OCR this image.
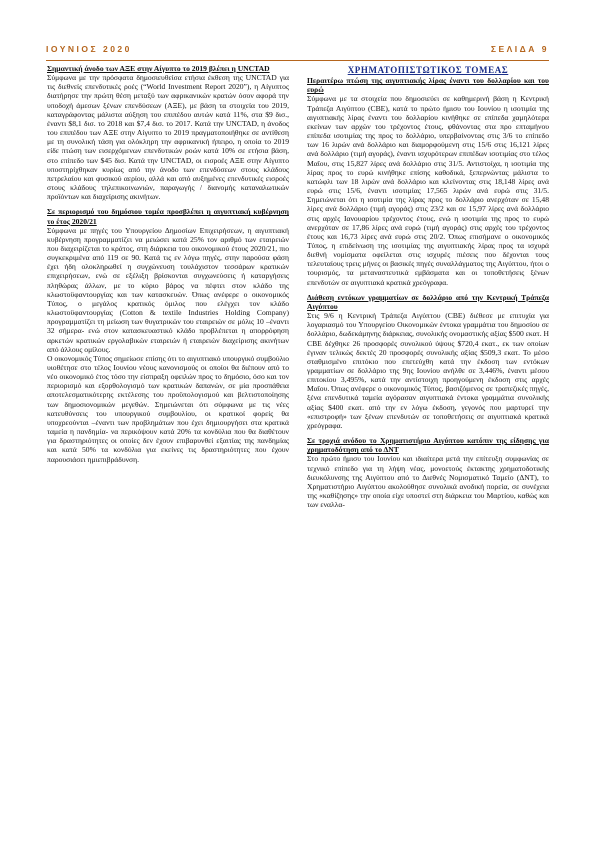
ΙΟΥΝΙΟΣ 2020	ΣΕΛΙΔΑ 9
Σημαντική άνοδο των ΑΞΕ στην Αίγυπτο το 2019 βλέπει η UNCTAD

Σύμφωνα με την πρόσφατα δημοσιευθείσα ετήσια έκθεση της UNCTAD για τις διεθνείς επενδυτικές ροές (“World Investment Report 2020”), η Αίγυπτος διατήρησε την πρώτη θέση μεταξύ των αφρικανικών κρατών όσον αφορά την υποδοχή άμεσων ξένων επενδύσεων (ΑΞΕ), με βάση τα στοιχεία του 2019, καταγράφοντας μάλιστα αύξηση του επιπέδου αυτών κατά 11%, στα $9 δισ., έναντι $8,1 δισ. το 2018 και $7,4 δισ. το 2017. Κατά την UNCTAD, η άνοδος του επιπέδου των ΑΞΕ στην Αίγυπτο το 2019 πραγματοποιήθηκε σε αντίθεση με τη συνολική τάση για ολόκληρη την αφρικανική ήπειρο, η οποία το 2019 είδε πτώση των εισερχόμενων επενδυτικών ροών κατά 10% σε ετήσια βάση, στο επίπεδο των $45 δισ. Κατά την UNCTAD, οι εισροές ΑΞΕ στην Αίγυπτο υποστηρίχθηκαν κυρίως από την άνοδο των επενδύσεων στους κλάδους πετρελαίου και φυσικού αερίου, αλλά και από αυξημένες επενδυτικές εισροές στους κλάδους τηλεπικοινωνιών, παραγωγής / διανομής καταναλωτικών προϊόντων και διαχείρισης ακινήτων.

Σε περιορισμό του δημόσιου τομέα προσβλέπει η αιγυπτιακή κυβέρνηση το έτος 2020/21

Σύμφωνα με πηγές του Υπουργείου Δημοσίων Επιχειρήσεων, η αιγυπτιακή κυβέρνηση προγραμματίζει να μειώσει κατά 25% τον αριθμό των εταιρειών που διαχειρίζεται το κράτος, στη διάρκεια του οικονομικού έτους 2020/21, πιο συγκεκριμένα από 119 σε 90. Κατά τις εν λόγω πηγές, στην παρούσα φάση έχει ήδη ολοκληρωθεί η συγχώνευση τουλάχιστον τεσσάρων κρατικών επιχειρήσεων, ενώ σε εξέλιξη βρίσκονται συγχωνεύσεις ή καταργήσεις πληθώρας άλλων, με το κύριο βάρος να πέφτει στον κλάδο της κλωστοϋφαντουργίας και των κατασκευών. Όπως ανέφερε ο οικονομικός Τύπος, ο μεγάλος κρατικός όμιλος που ελέγχει τον κλάδο κλωστοϋφαντουργίας (Cotton & textile Industries Holding Company) προγραμματίζει τη μείωση των θυγατρικών του εταιρειών σε μόλις 10 –έναντι 32 σήμερα- ενώ στον κατασκευαστικό κλάδο προβλέπεται η απορρόφηση αρκετών κρατικών εργολαβικών εταιρειών ή εταιρειών διαχείρισης ακινήτων από άλλους ομίλους.

Ο οικονομικός Τύπος σημείωσε επίσης ότι το αιγυπτιακό υπουργικό συμβούλιο υιοθέτησε στο τέλος Ιουνίου νέους κανονισμούς οι οποίοι θα διέπουν από το νέο οικονομικό έτος τόσο την είσπραξη οφειλών προς το δημόσιο, όσο και τον περιορισμό και εξορθολογισμό των κρατικών δαπανών, σε μία προσπάθεια αποτελεσματικότερης εκτέλεσης του προϋπολογισμού και βελτιστοποίησης των δημοσιονομικών μεγεθών. Σημειώνεται ότι σύμφωνα με τις νέες κατευθύνσεις του υπουργικού συμβουλίου, οι κρατικοί φορείς θα υποχρεούνται –έναντι των προβλημάτων που έχει δημιουργήσει στα κρατικά ταμεία η πανδημία- να περικόψουν κατά 20% τα κονδύλια που θα διαθέτουν για δραστηριότητες οι οποίες δεν έχουν επιβαρυνθεί εξαιτίας της πανδημίας και κατά 50% τα κονδύλια για εκείνες τις δραστηριότητες που έχουν παρουσιάσει ημιεπιβράδυνση.

ΧΡΗΜΑΤΟΠΙΣΤΩΤΙΚΟΣ ΤΟΜΕΑΣ
Περαιτέρω πτώση της αιγυπτιακής λίρας έναντι του δολλαρίου και του ευρώ

Σύμφωνα με τα στοιχεία που δημοσιεύει σε καθημερινή βάση η Κεντρική Τράπεζα Αιγύπτου (CBE), κατά το πρώτο ήμισυ του Ιουνίου η ισοτιμία της αιγυπτιακής λίρας έναντι του δολλαρίου κινήθηκε σε επίπεδα χαμηλότερα εκείνων των αρχών του τρέχοντος έτους, φθάνοντας στα προ επταμήνου επίπεδα ισοτιμίας της προς το δολλάριο, υπερβαίνοντας στις 3/6 το επίπεδο των 16 λιρών ανά δολλάριο και διαμορφούμενη στις 15/6 στις 16,121 λίρες ανά δολλάριο (τιμή αγοράς), έναντι ισχυρότερων επιπέδων ισοτιμίας στο τέλος Μαΐου, στις 15,827 λίρες ανά δολλάριο στις 31/5. Αντιστοίχα, η ισοτιμία της λίρας προς το ευρώ κινήθηκε επίσης καθοδικά, ξεπερνώντας μάλιστα το κατώφλι των 18 λιρών ανά δολλάριο και κλείνοντας στις 18,148 λίρες ανά ευρώ στις 15/6, έναντι ισοτιμίας 17,565 λιρών ανά ευρώ στις 31/5. Σημειώνεται ότι η ισοτιμία της λίρας προς το δολλάριο ανερχόταν σε 15,48 λίρες ανά δολλάριο (τιμή αγοράς) στις 23/2 και σε 15,97 λίρες ανά δολλάριο στις αρχές Ιανουαρίου τρέχοντος έτους, ενώ η ισοτιμία της προς το ευρώ ανερχόταν σε 17,86 λίρες ανά ευρώ (τιμή αγοράς) στις αρχές του τρέχοντος έτους και 16,73 λίρες ανά ευρώ στις 20/2. Όπως επισήμανε ο οικονομικός Τύπος, η επιδείνωση της ισοτιμίας της αιγυπτιακής λίρας προς τα ισχυρά διεθνή νομίσματα οφείλεται στις ισχυρές πιέσεις που δέχονται τους τελευταίους τρεις μήνες οι βασικές πηγές συναλλάγματος της Αιγύπτου, ήτοι ο τουρισμός, τα μεταναστευτικά εμβάσματα και οι τοποθετήσεις ξένων επενδυτών σε αιγυπτιακά κρατικά χρεόγραφα.

Διάθεση εντόκων γραμματίων σε δολλάριο από την Κεντρική Τράπεζα Αιγύπτου

Στις 9/6 η Κεντρική Τράπεζα Αιγύπτου (CBE) διέθεσε με επιτυχία για λογαριασμό του Υπουργείου Οικονομικών έντοκα γραμμάτια του δημοσίου σε δολλάριο, δωδεκάμηνης διάρκειας, συνολικής ονομαστικής αξίας $500 εκατ. Η CBE δέχθηκε 26 προσφορές συνολικού ύψους $720,4 εκατ., εκ των οποίων έγιναν τελικώς δεκτές 20 προσφορές συνολικής αξίας $509,3 εκατ. Το μέσο σταθμισμένο επιτόκιο που επετεύχθη κατά την έκδοση των εντόκων γραμματίων σε δολλάριο της 9ης Ιουνίου ανήλθε σε 3,446%, έναντι μέσου επιτοκίου 3,495%, κατά την αντίστοιχη προηγούμενη έκδοση στις αρχές Μαΐου. Όπως ανέφερε ο οικονομικός Τύπος, βασιζόμενος σε τραπεζικές πηγές, ξένα επενδυτικά ταμεία αγόρασαν αιγυπτιακά έντοκα γραμμάτια συνολικής αξίας $400 εκατ. από την εν λόγω έκδοση, γεγονός που μαρτυρεί την «επιστροφή» των ξένων επενδυτών σε τοποθετήσεις σε αιγυπτιακά κρατικά χρεόγραφα.

Σε τροχιά ανόδου το Χρηματιστήριο Αιγύπτου κατόπιν της είδησης για χρηματοδότηση από το ΔΝΤ

Στο πρώτο ήμισυ του Ιουνίου και ιδιαίτερα μετά την επίτευξη συμφωνίας σε τεχνικό επίπεδο για τη λήψη νέας, μονοετούς έκτακτης χρηματοδοτικής διευκόλυνσης της Αιγύπτου από το Διεθνές Νομισματικό Ταμείο (ΔΝΤ), το Χρηματιστήριο Αιγύπτου ακολούθησε συνολικά ανοδική πορεία, σε συνέχεια της «καθίζησης» την οποία είχε υποστεί στη διάρκεια του Μαρτίου, καθώς και των εναλλα-
